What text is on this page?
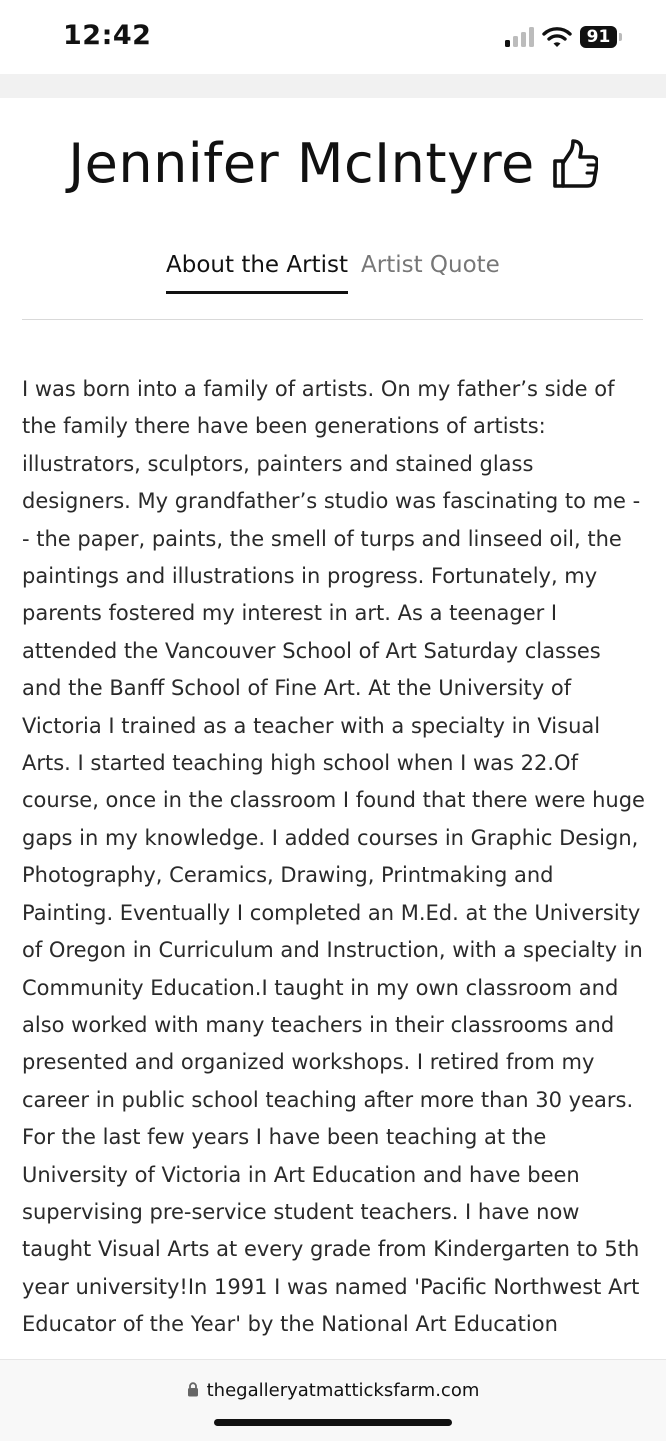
12:42	91
Jennifer McIntyre
About the Artist Artist Quote
I was born into a family of artists. On my father’s side of the family there have been generations of artists: illustrators, sculptors, painters and stained glass designers. My grandfather’s studio was fascinating to me -- the paper, paints, the smell of turps and linseed oil, the paintings and illustrations in progress. Fortunately, my parents fostered my interest in art. As a teenager I attended the Vancouver School of Art Saturday classes and the Banff School of Fine Art. At the University of Victoria I trained as a teacher with a specialty in Visual Arts. I started teaching high school when I was 22.Of course, once in the classroom I found that there were huge gaps in my knowledge. I added courses in Graphic Design, Photography, Ceramics, Drawing, Printmaking and Painting. Eventually I completed an M.Ed. at the University of Oregon in Curriculum and Instruction, with a specialty in Community Education.I taught in my own classroom and also worked with many teachers in their classrooms and presented and organized workshops. I retired from my career in public school teaching after more than 30 years. For the last few years I have been teaching at the University of Victoria in Art Education and have been supervising pre-service student teachers. I have now taught Visual Arts at every grade from Kindergarten to 5th year university!In 1991 I was named 'Pacific Northwest Art Educator of the Year' by the National Art Education
thegalleryatmatticksfarm.com
